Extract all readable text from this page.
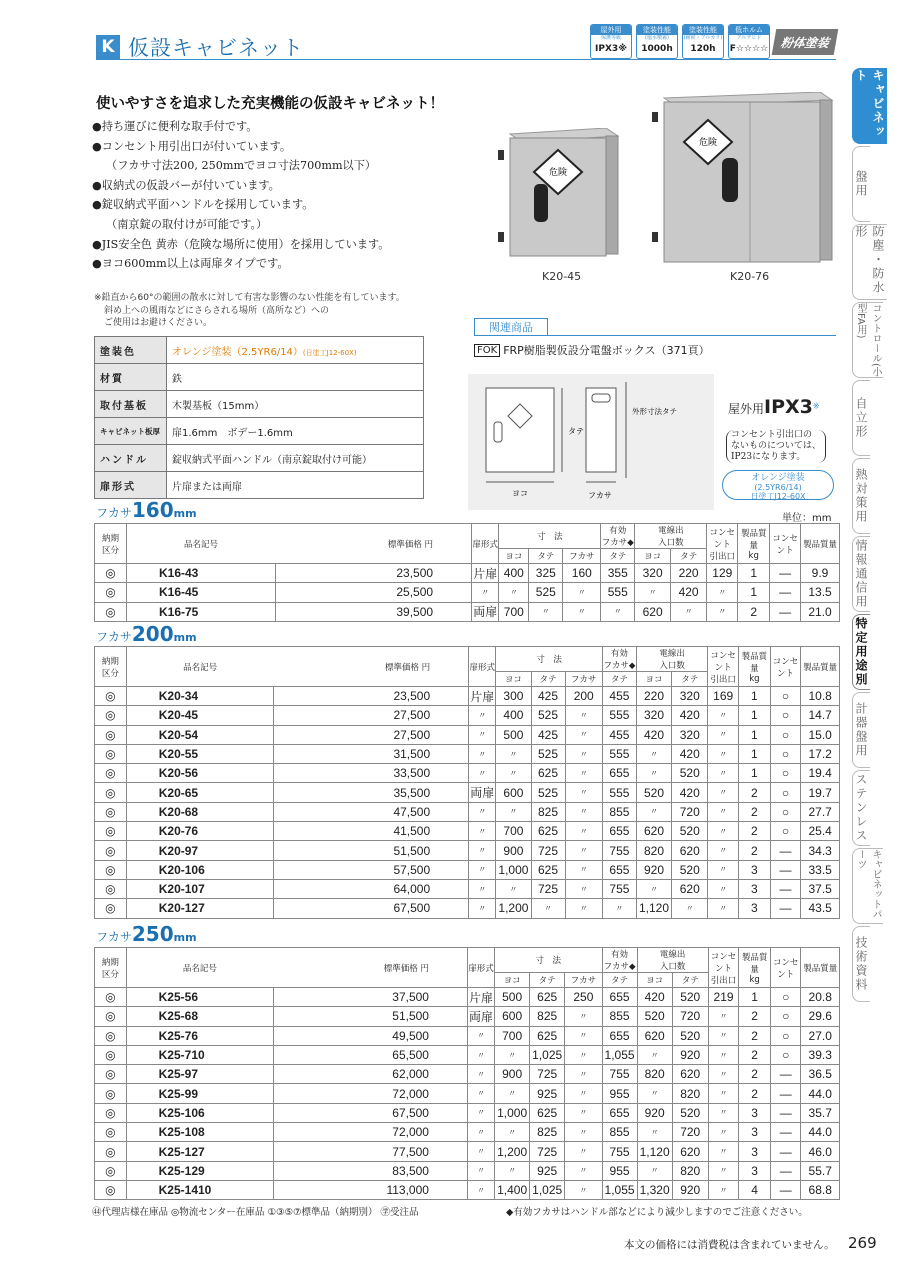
K 仮設キャビネット
屋外用
保護等級
IPX3※
塗装性能
(塩水噴霧)
1000h
塗装性能
(耐候・アルカリ)
120h
低ホルム
アルデヒド
F☆☆☆☆ 粉体塗装
キャビネット
盤用
防塵・防水形
コントロール(小型FA用)
自立形
熱対策用
情報通信用
特定用途別
計器盤用
ステンレス
キャビネットパーツ
技術資料
使いやすさを追求した充実機能の仮設キャビネット！
●持ち運びに便利な取手付です。
●コンセント用引出口が付いています。
（フカサ寸法200, 250mmでヨコ寸法700mm以下）
●収納式の仮設バーが付いています。
●錠収納式平面ハンドルを採用しています。
（南京錠の取付けが可能です。）
●JIS安全色 黄赤（危険な場所に使用）を採用しています。
●ヨコ600mm以上は両扉タイプです。
※鉛直から60°の範囲の散水に対して有害な影響のない性能を有しています。
斜め上への風雨などにさらされる場所（高所など）への
ご使用はお避けください。
危険
K20-45
危険
K20-76
塗装色	オレンジ塗装（2.5YR6/14）(日塗工J12-60X)
材質	鉄
取付基板	木製基板（15mm）
キャビネット板厚	扉1.6mm　ボデー1.6mm
ハンドル	錠収納式平面ハンドル（南京錠取付け可能）
扉形式	片扉または両扉
関連商品
FOK FRP樹脂製仮設分電盤ボックス（371頁）
タテ
ヨコ	フカサ
外形寸法タテ	屋外用IPX3※
コンセント引出口の
ないものについては、
IP23になります。
オレンジ塗装
(2.5YR6/14)
日塗工J12-60X
単位：mm
フカサ160mm
納期
区分	品名記号	標準価格 円	扉形式	寸　法			有効
フカサ◆	電線出
入口数		コンセント
引出口	製品質量
kg	コンセント	製品質量
				ヨコ	タテ	フカサ	タテ	ヨコ	タテ				
◎	K16-43	23,500	片扉	400	325	160	355	320	220	129	1	—	9.9
◎	K16-45	25,500	〃	〃	525	〃	555	〃	420	〃	1	—	13.5
◎	K16-75	39,500	両扉	700	〃	〃	〃	620	〃	〃	2	—	21.0
フカサ200mm
納期
区分	品名記号	標準価格 円	扉形式	寸　法			有効
フカサ◆	電線出
入口数		コンセント
引出口	製品質量
kg	コンセント	製品質量
				ヨコ	タテ	フカサ	タテ	ヨコ	タテ				
◎	K20-34	23,500	片扉	300	425	200	455	220	320	169	1	○	10.8
◎	K20-45	27,500	〃	400	525	〃	555	320	420	〃	1	○	14.7
◎	K20-54	27,500	〃	500	425	〃	455	420	320	〃	1	○	15.0
◎	K20-55	31,500	〃	〃	525	〃	555	〃	420	〃	1	○	17.2
◎	K20-56	33,500	〃	〃	625	〃	655	〃	520	〃	1	○	19.4
◎	K20-65	35,500	両扉	600	525	〃	555	520	420	〃	2	○	19.7
◎	K20-68	47,500	〃	〃	825	〃	855	〃	720	〃	2	○	27.7
◎	K20-76	41,500	〃	700	625	〃	655	620	520	〃	2	○	25.4
◎	K20-97	51,500	〃	900	725	〃	755	820	620	〃	2	—	34.3
◎	K20-106	57,500	〃	1,000	625	〃	655	920	520	〃	3	—	33.5
◎	K20-107	64,000	〃	〃	725	〃	755	〃	620	〃	3	—	37.5
◎	K20-127	67,500	〃	1,200	〃	〃	〃	1,120	〃	〃	3	—	43.5
フカサ250mm
納期
区分	品名記号	標準価格 円	扉形式	寸　法			有効
フカサ◆	電線出
入口数		コンセント
引出口	製品質量
kg	コンセント	製品質量
				ヨコ	タテ	フカサ	タテ	ヨコ	タテ				
◎	K25-56	37,500	片扉	500	625	250	655	420	520	219	1	○	20.8
◎	K25-68	51,500	両扉	600	825	〃	855	520	720	〃	2	○	29.6
◎	K25-76	49,500	〃	700	625	〃	655	620	520	〃	2	○	27.0
◎	K25-710	65,500	〃	〃	1,025	〃	1,055	〃	920	〃	2	○	39.3
◎	K25-97	62,000	〃	900	725	〃	755	820	620	〃	2	—	36.5
◎	K25-99	72,000	〃	〃	925	〃	955	〃	820	〃	2	—	44.0
◎	K25-106	67,500	〃	1,000	625	〃	655	920	520	〃	3	—	35.7
◎	K25-108	72,000	〃	〃	825	〃	855	〃	720	〃	3	—	44.0
◎	K25-127	77,500	〃	1,200	725	〃	755	1,120	620	〃	3	—	46.0
◎	K25-129	83,500	〃	〃	925	〃	955	〃	820	〃	3	—	55.7
◎	K25-1410	113,000	〃	1,400	1,025	〃	1,055	1,320	920	〃	4	—	68.8
㊹代理店様在庫品 ◎物流センター在庫品 ①③⑤⑦標準品（納期別） ㊫受注品	◆有効フカサはハンドル部などにより減少しますのでご注意ください。
本文の価格には消費税は含まれていません。 269
